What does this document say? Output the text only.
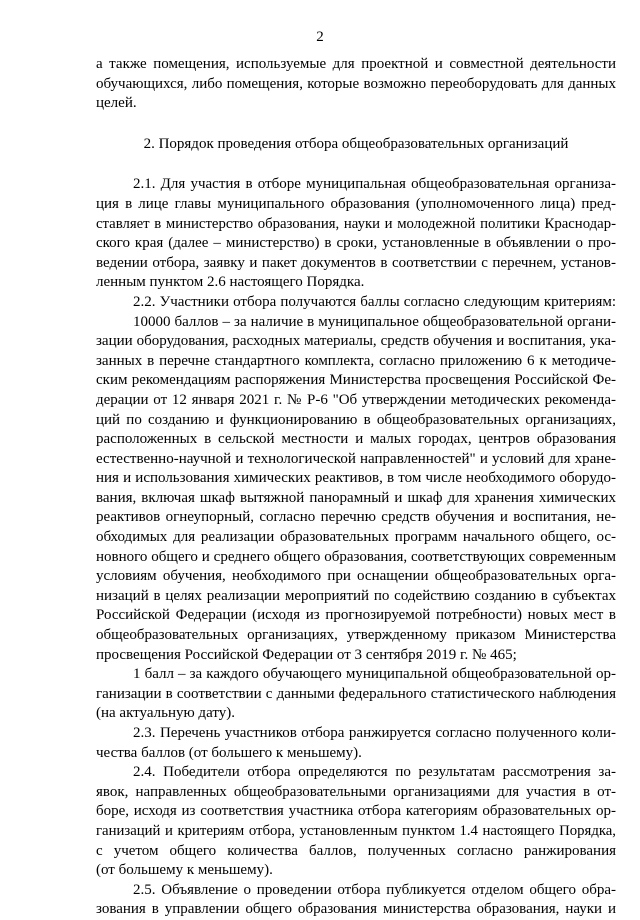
2

а также помещения, используемые для проектной и совместной деятельности
обучающихся, либо помещения, которые возможно переоборудовать для данных
целей.

2. Порядок проведения отбора общеобразовательных организаций

2.1. Для участия в отборе муниципальная общеобразовательная организа-
ция в лице главы муниципального образования (уполномоченного лица) пред-
ставляет в министерство образования, науки и молодежной политики Краснодар-
ского края (далее – министерство) в сроки, установленные в объявлении о про-
ведении отбора, заявку и пакет документов в соответствии с перечнем, установ-
ленным пунктом 2.6 настоящего Порядка.

2.2. Участники отбора получаются баллы согласно следующим критериям:

10000 баллов – за наличие в муниципальное общеобразовательной органи-
зации оборудования, расходных материалы, средств обучения и воспитания, ука-
занных в перечне стандартного комплекта, согласно приложению 6 к методиче-
ским рекомендациям распоряжения Министерства просвещения Российской Фе-
дерации от 12 января 2021 г. № Р-6 "Об утверждении методических рекоменда-
ций по созданию и функционированию в общеобразовательных организациях,
расположенных в сельской местности и малых городах, центров образования
естественно-научной и технологической направленностей" и условий для хране-
ния и использования химических реактивов, в том числе необходимого оборудо-
вания, включая шкаф вытяжной панорамный и шкаф для хранения химических
реактивов огнеупорный, согласно перечню средств обучения и воспитания, не-
обходимых для реализации образовательных программ начального общего, ос-
новного общего и среднего общего образования, соответствующих современным
условиям обучения, необходимого при оснащении общеобразовательных орга-
низаций в целях реализации мероприятий по содействию созданию в субъектах
Российской Федерации (исходя из прогнозируемой потребности) новых мест в
общеобразовательных организациях, утвержденному приказом Министерства
просвещения Российской Федерации от 3 сентября 2019 г. № 465;

1 балл – за каждого обучающего муниципальной общеобразовательной ор-
ганизации в соответствии с данными федерального статистического наблюдения
(на актуальную дату).

2.3. Перечень участников отбора ранжируется согласно полученного коли-
чества баллов (от большего к меньшему).

2.4. Победители отбора определяются по результатам рассмотрения за-
явок, направленных общеобразовательными организациями для участия в от-
боре, исходя из соответствия участника отбора категориям образовательных ор-
ганизаций и критериям отбора, установленным пунктом 1.4 настоящего Порядка,
с учетом общего количества баллов, полученных согласно ранжирования
(от большему к меньшему).

2.5. Объявление о проведении отбора публикуется отделом общего обра-
зования в управлении общего образования министерства образования, науки и
